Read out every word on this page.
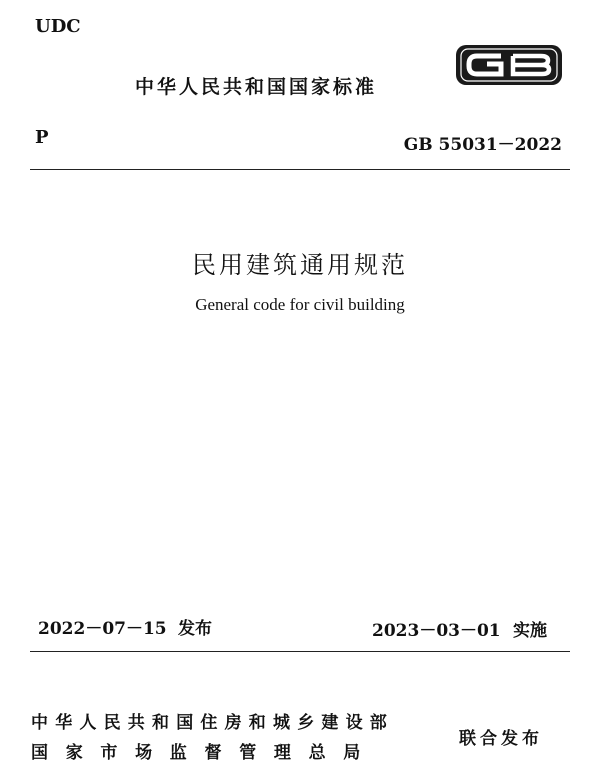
UDC
中华人民共和国国家标准
P	GB 55031－2022
民用建筑通用规范
General code for civil building
2022－07－15 发布	2023－03－01 实施
中华人民共和国住房和城乡建设部
国家市场监督管理总局
联合发布
